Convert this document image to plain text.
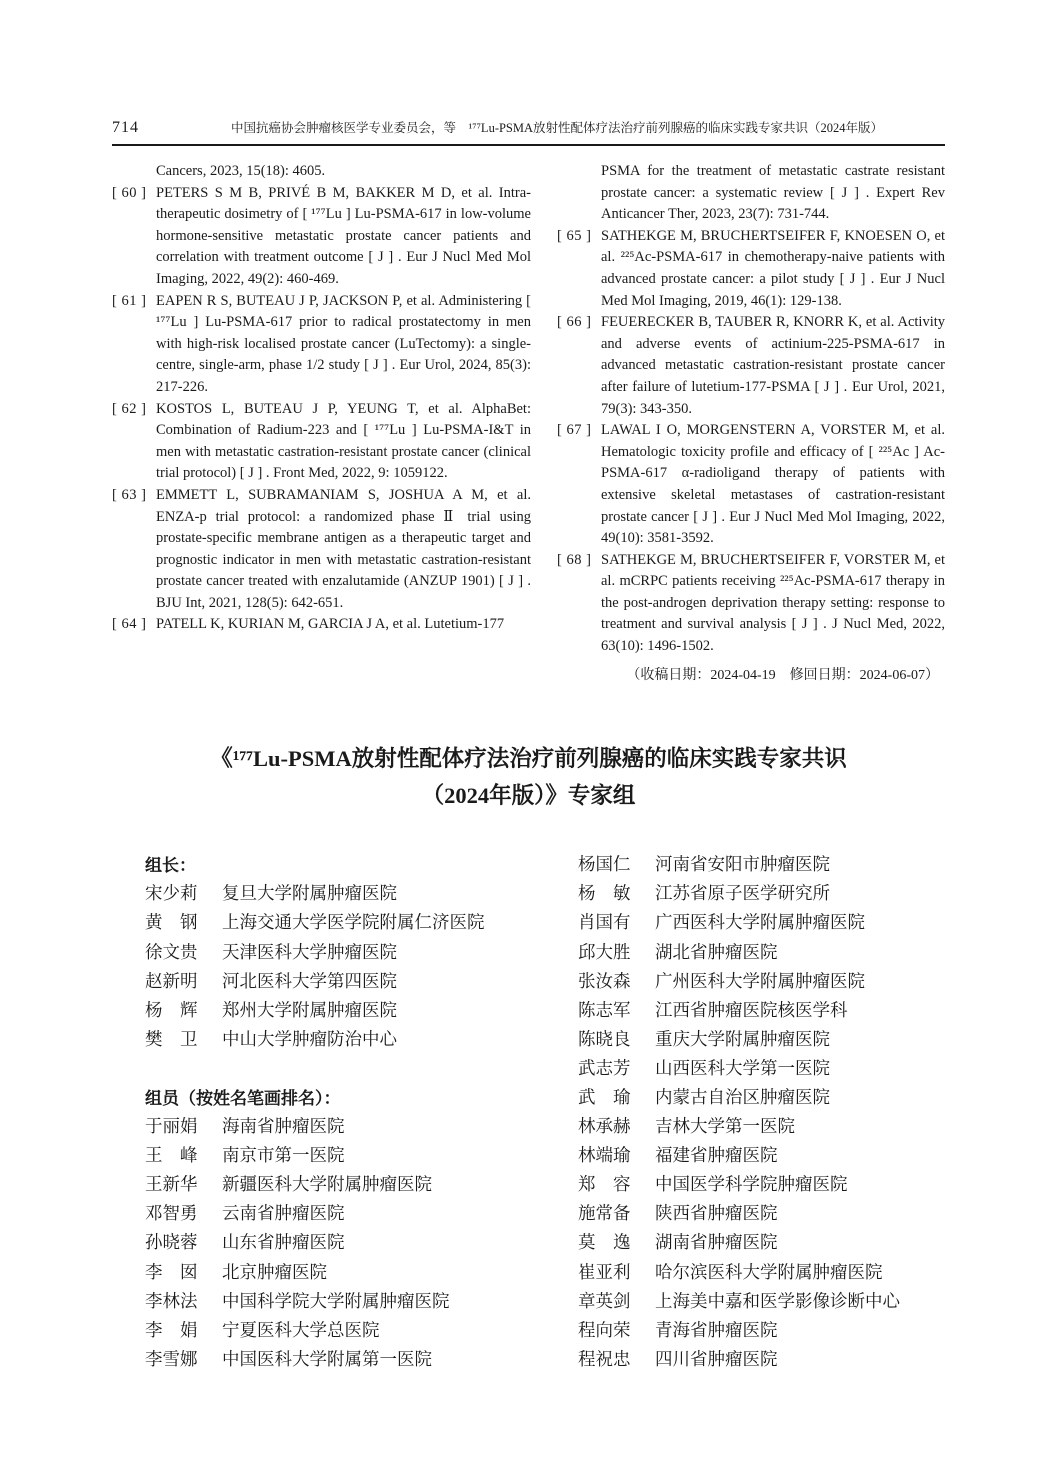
714	中国抗癌协会肿瘤核医学专业委员会，等　¹⁷⁷Lu-PSMA放射性配体疗法治疗前列腺癌的临床实践专家共识（2024年版）
Cancers, 2023, 15(18): 4605.
[ 60 ] PETERS S M B, PRIVÉ B M, BAKKER M D, et al. Intra-therapeutic dosimetry of [ ¹⁷⁷Lu ] Lu-PSMA-617 in low-volume hormone-sensitive metastatic prostate cancer patients and correlation with treatment outcome [ J ] . Eur J Nucl Med Mol Imaging, 2022, 49(2): 460-469.
[ 61 ] EAPEN R S, BUTEAU J P, JACKSON P, et al. Administering [ ¹⁷⁷Lu ] Lu-PSMA-617 prior to radical prostatectomy in men with high-risk localised prostate cancer (LuTectomy): a single-centre, single-arm, phase 1/2 study [ J ] . Eur Urol, 2024, 85(3): 217-226.
[ 62 ] KOSTOS L, BUTEAU J P, YEUNG T, et al. AlphaBet: Combination of Radium-223 and [ ¹⁷⁷Lu ] Lu-PSMA-I&T in men with metastatic castration-resistant prostate cancer (clinical trial protocol) [ J ] . Front Med, 2022, 9: 1059122.
[ 63 ] EMMETT L, SUBRAMANIAM S, JOSHUA A M, et al. ENZA-p trial protocol: a randomized phase Ⅱ trial using prostate-specific membrane antigen as a therapeutic target and prognostic indicator in men with metastatic castration-resistant prostate cancer treated with enzalutamide (ANZUP 1901) [ J ] . BJU Int, 2021, 128(5): 642-651.
[ 64 ] PATELL K, KURIAN M, GARCIA J A, et al. Lutetium-177
PSMA for the treatment of metastatic castrate resistant prostate cancer: a systematic review [ J ] . Expert Rev Anticancer Ther, 2023, 23(7): 731-744.
[ 65 ] SATHEKGE M, BRUCHERTSEIFER F, KNOESEN O, et al. ²²⁵Ac-PSMA-617 in chemotherapy-naive patients with advanced prostate cancer: a pilot study [ J ] . Eur J Nucl Med Mol Imaging, 2019, 46(1): 129-138.
[ 66 ] FEUERECKER B, TAUBER R, KNORR K, et al. Activity and adverse events of actinium-225-PSMA-617 in advanced metastatic castration-resistant prostate cancer after failure of lutetium-177-PSMA [ J ] . Eur Urol, 2021, 79(3): 343-350.
[ 67 ] LAWAL I O, MORGENSTERN A, VORSTER M, et al. Hematologic toxicity profile and efficacy of [ ²²⁵Ac ] Ac-PSMA-617 α-radioligand therapy of patients with extensive skeletal metastases of castration-resistant prostate cancer [ J ] . Eur J Nucl Med Mol Imaging, 2022, 49(10): 3581-3592.
[ 68 ] SATHEKGE M, BRUCHERTSEIFER F, VORSTER M, et al. mCRPC patients receiving ²²⁵Ac-PSMA-617 therapy in the post-androgen deprivation therapy setting: response to treatment and survival analysis [ J ] . J Nucl Med, 2022, 63(10): 1496-1502.
（收稿日期：2024-04-19　修回日期：2024-06-07）
《¹⁷⁷Lu-PSMA放射性配体疗法治疗前列腺癌的临床实践专家共识
（2024年版）》专家组
组长：
宋少莉 复旦大学附属肿瘤医院
黄　钢 上海交通大学医学院附属仁济医院
徐文贵 天津医科大学肿瘤医院
赵新明 河北医科大学第四医院
杨　辉 郑州大学附属肿瘤医院
樊　卫 中山大学肿瘤防治中心
组员（按姓名笔画排名）：
于丽娟 海南省肿瘤医院
王　峰 南京市第一医院
王新华 新疆医科大学附属肿瘤医院
邓智勇 云南省肿瘤医院
孙晓蓉 山东省肿瘤医院
李　囡 北京肿瘤医院
李林法 中国科学院大学附属肿瘤医院
李　娟 宁夏医科大学总医院
李雪娜 中国医科大学附属第一医院
杨国仁 河南省安阳市肿瘤医院
杨　敏 江苏省原子医学研究所
肖国有 广西医科大学附属肿瘤医院
邱大胜 湖北省肿瘤医院
张汝森 广州医科大学附属肿瘤医院
陈志军 江西省肿瘤医院核医学科
陈晓良 重庆大学附属肿瘤医院
武志芳 山西医科大学第一医院
武　瑜 内蒙古自治区肿瘤医院
林承赫 吉林大学第一医院
林端瑜 福建省肿瘤医院
郑　容 中国医学科学院肿瘤医院
施常备 陕西省肿瘤医院
莫　逸 湖南省肿瘤医院
崔亚利 哈尔滨医科大学附属肿瘤医院
章英剑 上海美中嘉和医学影像诊断中心
程向荣 青海省肿瘤医院
程祝忠 四川省肿瘤医院
